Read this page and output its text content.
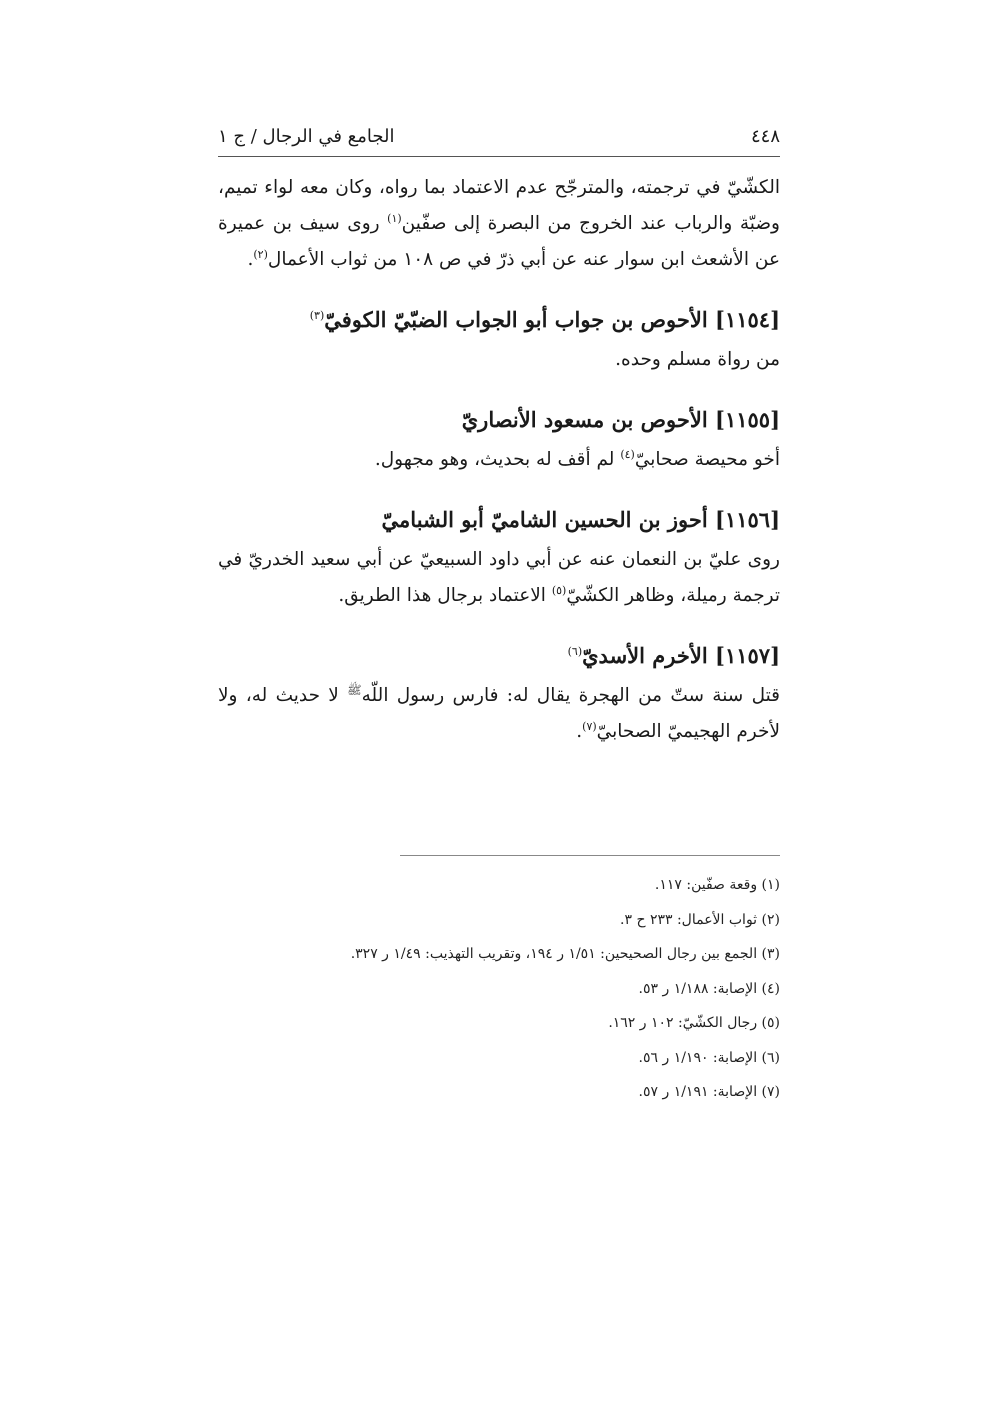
٤٤٨
الجامع في الرجال / ج ١

الكشّيّ في ترجمته، والمترجّح عدم الاعتماد بما رواه، وكان معه لواء تميم، وضبّة والرباب عند الخروج من البصرة إلى صفّين$^{(١)}$ روى سيف بن عميرة عن الأشعث ابن سوار عنه عن أبي ذرّ في ص ١٠٨ من ثواب الأعمال$^{(٢)}$.

[١١٥٤] الأحوص بن جواب أبو الجواب الضبّيّ الكوفيّ$^{(٣)}$

من رواة مسلم وحده.

[١١٥٥] الأحوص بن مسعود الأنصاريّ

أخو محيصة صحابيّ$^{(٤)}$ لم أقف له بحديث، وهو مجهول.

[١١٥٦] أحوز بن الحسين الشاميّ أبو الشباميّ

روى عليّ بن النعمان عنه عن أبي داود السبيعيّ عن أبي سعيد الخدريّ في ترجمة رميلة، وظاهر الكشّيّ$^{(٥)}$ الاعتماد برجال هذا الطريق.

[١١٥٧] الأخرم الأسديّ$^{(٦)}$

قتل سنة ستّ من الهجرة يقال له: فارس رسول اللّه$^ﷺ$ لا حديث له، ولا لأخرم الهجيميّ الصحابيّ$^{(٧)}$.

(١) وقعة صفّين: ١١٧.

(٢) ثواب الأعمال: ٢٣٣ ح ٣.

(٣) الجمع بين رجال الصحيحين: ١/٥١ ر ١٩٤، وتقريب التهذيب: ١/٤٩ ر ٣٢٧.

(٤) الإصابة: ١/١٨٨ ر ٥٣.

(٥) رجال الكشّيّ: ١٠٢ ر ١٦٢.

(٦) الإصابة: ١/١٩٠ ر ٥٦.

(٧) الإصابة: ١/١٩١ ر ٥٧.
